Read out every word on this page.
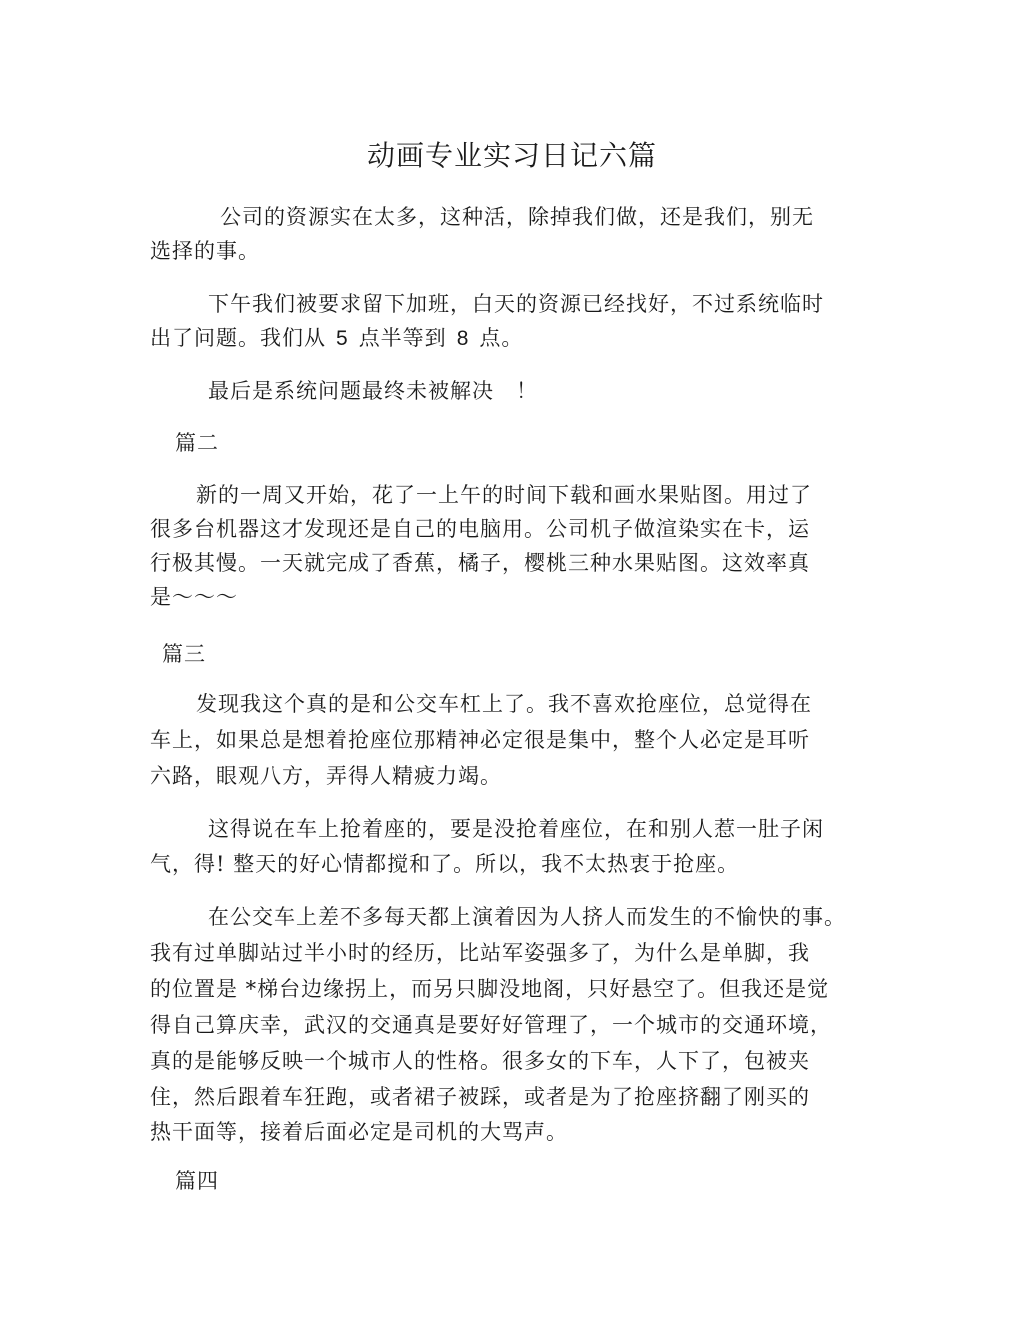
动画专业实习日记六篇
公司的资源实在太多，这种活，除掉我们做，还是我们，别无
选择的事。
下午我们被要求留下加班，白天的资源已经找好，不过系统临时
出了问题。我们从 5 点半等到 8 点。
最后是系统问题最终未被解决 ！
篇二
新的一周又开始，花了一上午的时间下载和画水果贴图。用过了
很多台机器这才发现还是自己的电脑用。公司机子做渲染实在卡，运
行极其慢。一天就完成了香蕉，橘子，樱桃三种水果贴图。这效率真
是～～～
篇三
发现我这个真的是和公交车杠上了。我不喜欢抢座位，总觉得在
车上，如果总是想着抢座位那精神必定很是集中，整个人必定是耳听
六路，眼观八方，弄得人精疲力竭。
这得说在车上抢着座的，要是没抢着座位，在和别人惹一肚子闲
气，得! 整天的好心情都搅和了。所以，我不太热衷于抢座。
在公交车上差不多每天都上演着因为人挤人而发生的不愉快的事。
我有过单脚站过半小时的经历，比站军姿强多了，为什么是单脚，我
的位置是 *梯台边缘拐上，而另只脚没地阁，只好悬空了。但我还是觉
得自己算庆幸，武汉的交通真是要好好管理了，一个城市的交通环境，
真的是能够反映一个城市人的性格。很多女的下车，人下了，包被夹
住，然后跟着车狂跑，或者裙子被踩，或者是为了抢座挤翻了刚买的
热干面等，接着后面必定是司机的大骂声。
篇四
